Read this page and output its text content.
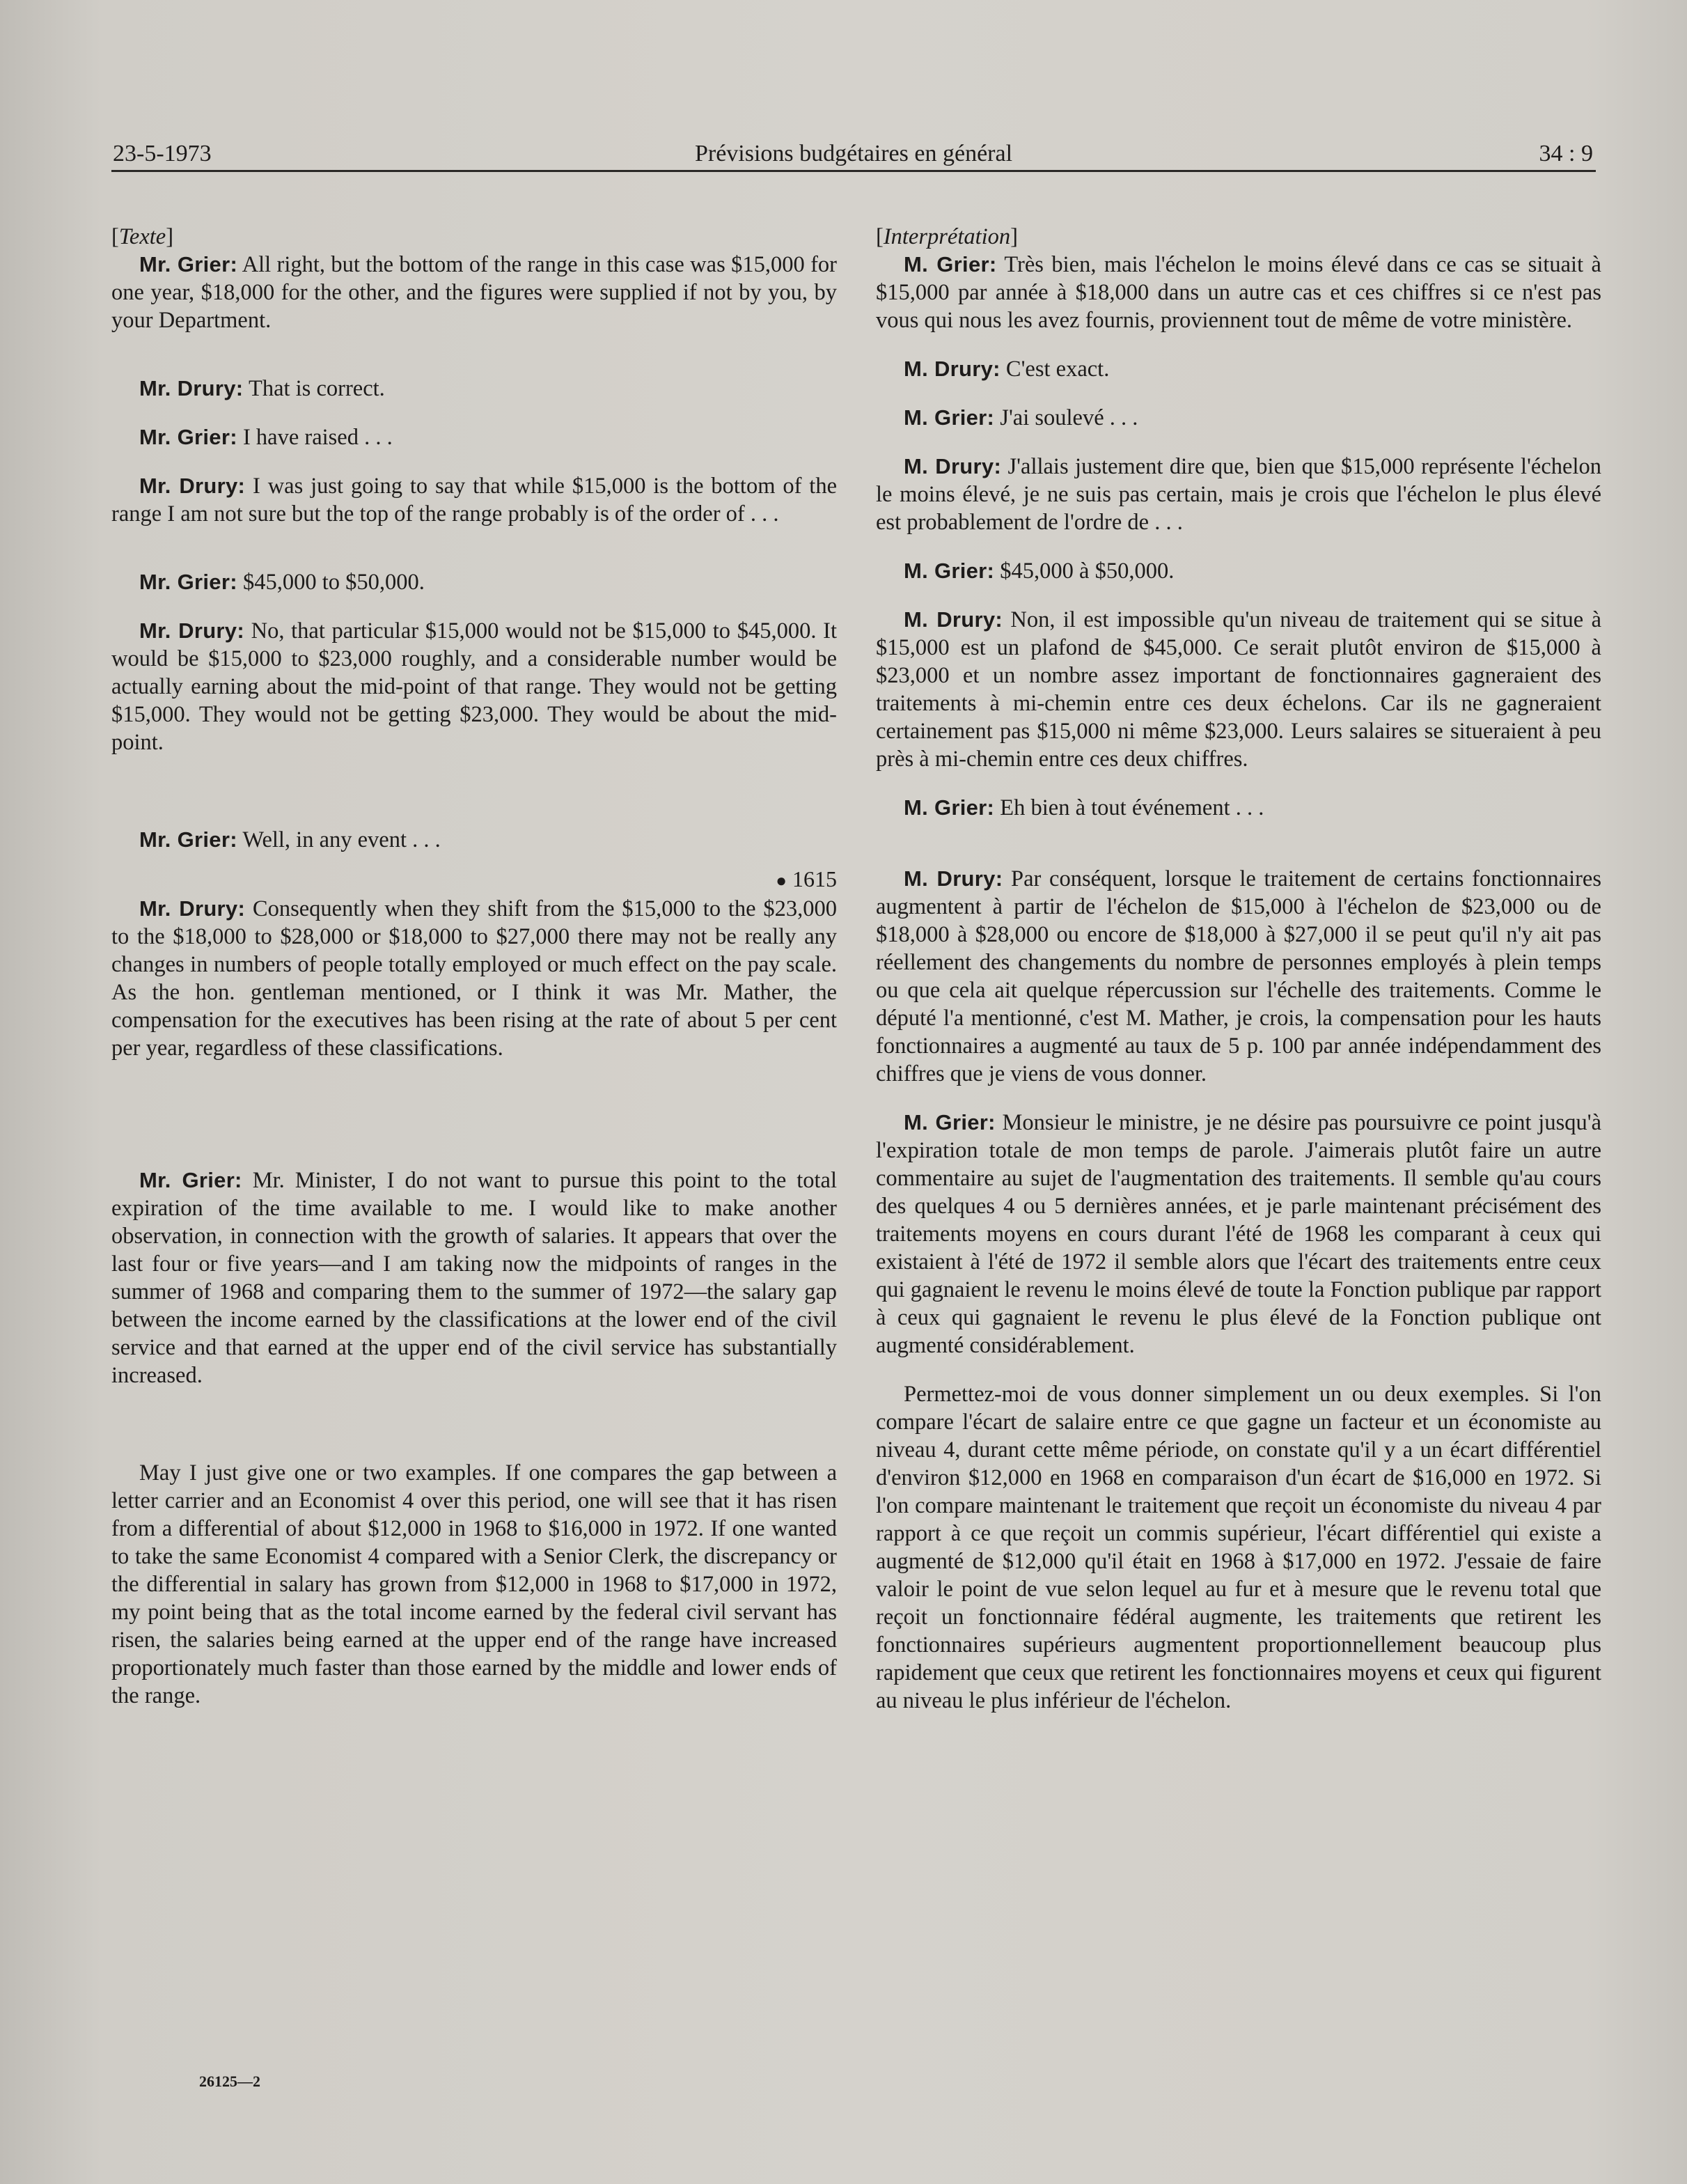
23-5-1973	Prévisions budgétaires en général	34 : 9

[Texte]

Mr. Grier: All right, but the bottom of the range in this case was $15,000 for one year, $18,000 for the other, and the figures were supplied if not by you, by your Department.

Mr. Drury: That is correct.

Mr. Grier: I have raised . . .

Mr. Drury: I was just going to say that while $15,000 is the bottom of the range I am not sure but the top of the range probably is of the order of . . .

Mr. Grier: $45,000 to $50,000.

Mr. Drury: No, that particular $15,000 would not be $15,000 to $45,000. It would be $15,000 to $23,000 roughly, and a considerable number would be actually earning about the mid-point of that range. They would not be getting $15,000. They would not be getting $23,000. They would be about the mid-point.

Mr. Grier: Well, in any event . . .

● 1615

Mr. Drury: Consequently when they shift from the $15,000 to the $23,000 to the $18,000 to $28,000 or $18,000 to $27,000 there may not be really any changes in numbers of people totally employed or much effect on the pay scale. As the hon. gentleman mentioned, or I think it was Mr. Mather, the compensation for the executives has been rising at the rate of about 5 per cent per year, regardless of these classifications.

Mr. Grier: Mr. Minister, I do not want to pursue this point to the total expiration of the time available to me. I would like to make another observation, in connection with the growth of salaries. It appears that over the last four or five years—and I am taking now the midpoints of ranges in the summer of 1968 and comparing them to the summer of 1972—the salary gap between the income earned by the classifications at the lower end of the civil service and that earned at the upper end of the civil service has substantially increased.

May I just give one or two examples. If one compares the gap between a letter carrier and an Economist 4 over this period, one will see that it has risen from a differential of about $12,000 in 1968 to $16,000 in 1972. If one wanted to take the same Economist 4 compared with a Senior Clerk, the discrepancy or the differential in salary has grown from $12,000 in 1968 to $17,000 in 1972, my point being that as the total income earned by the federal civil servant has risen, the salaries being earned at the upper end of the range have increased proportionately much faster than those earned by the middle and lower ends of the range.

[Interprétation]

M. Grier: Très bien, mais l'échelon le moins élevé dans ce cas se situait à $15,000 par année à $18,000 dans un autre cas et ces chiffres si ce n'est pas vous qui nous les avez fournis, proviennent tout de même de votre ministère.

M. Drury: C'est exact.

M. Grier: J'ai soulevé . . .

M. Drury: J'allais justement dire que, bien que $15,000 représente l'échelon le moins élevé, je ne suis pas certain, mais je crois que l'échelon le plus élevé est probablement de l'ordre de . . .

M. Grier: $45,000 à $50,000.

M. Drury: Non, il est impossible qu'un niveau de traitement qui se situe à $15,000 est un plafond de $45,000. Ce serait plutôt environ de $15,000 à $23,000 et un nombre assez important de fonctionnaires gagneraient des traitements à mi-chemin entre ces deux échelons. Car ils ne gagneraient certainement pas $15,000 ni même $23,000. Leurs salaires se situeraient à peu près à mi-chemin entre ces deux chiffres.

M. Grier: Eh bien à tout événement . . .

M. Drury: Par conséquent, lorsque le traitement de certains fonctionnaires augmentent à partir de l'échelon de $15,000 à l'échelon de $23,000 ou de $18,000 à $28,000 ou encore de $18,000 à $27,000 il se peut qu'il n'y ait pas réellement des changements du nombre de personnes employés à plein temps ou que cela ait quelque répercussion sur l'échelle des traitements. Comme le député l'a mentionné, c'est M. Mather, je crois, la compensation pour les hauts fonctionnaires a augmenté au taux de 5 p. 100 par année indépendamment des chiffres que je viens de vous donner.

M. Grier: Monsieur le ministre, je ne désire pas poursuivre ce point jusqu'à l'expiration totale de mon temps de parole. J'aimerais plutôt faire un autre commentaire au sujet de l'augmentation des traitements. Il semble qu'au cours des quelques 4 ou 5 dernières années, et je parle maintenant précisément des traitements moyens en cours durant l'été de 1968 les comparant à ceux qui existaient à l'été de 1972 il semble alors que l'écart des traitements entre ceux qui gagnaient le revenu le moins élevé de toute la Fonction publique par rapport à ceux qui gagnaient le revenu le plus élevé de la Fonction publique ont augmenté considérablement.

Permettez-moi de vous donner simplement un ou deux exemples. Si l'on compare l'écart de salaire entre ce que gagne un facteur et un économiste au niveau 4, durant cette même période, on constate qu'il y a un écart différentiel d'environ $12,000 en 1968 en comparaison d'un écart de $16,000 en 1972. Si l'on compare maintenant le traitement que reçoit un économiste du niveau 4 par rapport à ce que reçoit un commis supérieur, l'écart différentiel qui existe a augmenté de $12,000 qu'il était en 1968 à $17,000 en 1972. J'essaie de faire valoir le point de vue selon lequel au fur et à mesure que le revenu total que reçoit un fonctionnaire fédéral augmente, les traitements que retirent les fonctionnaires supérieurs augmentent proportionnellement beaucoup plus rapidement que ceux que retirent les fonctionnaires moyens et ceux qui figurent au niveau le plus inférieur de l'échelon.

26125—2
